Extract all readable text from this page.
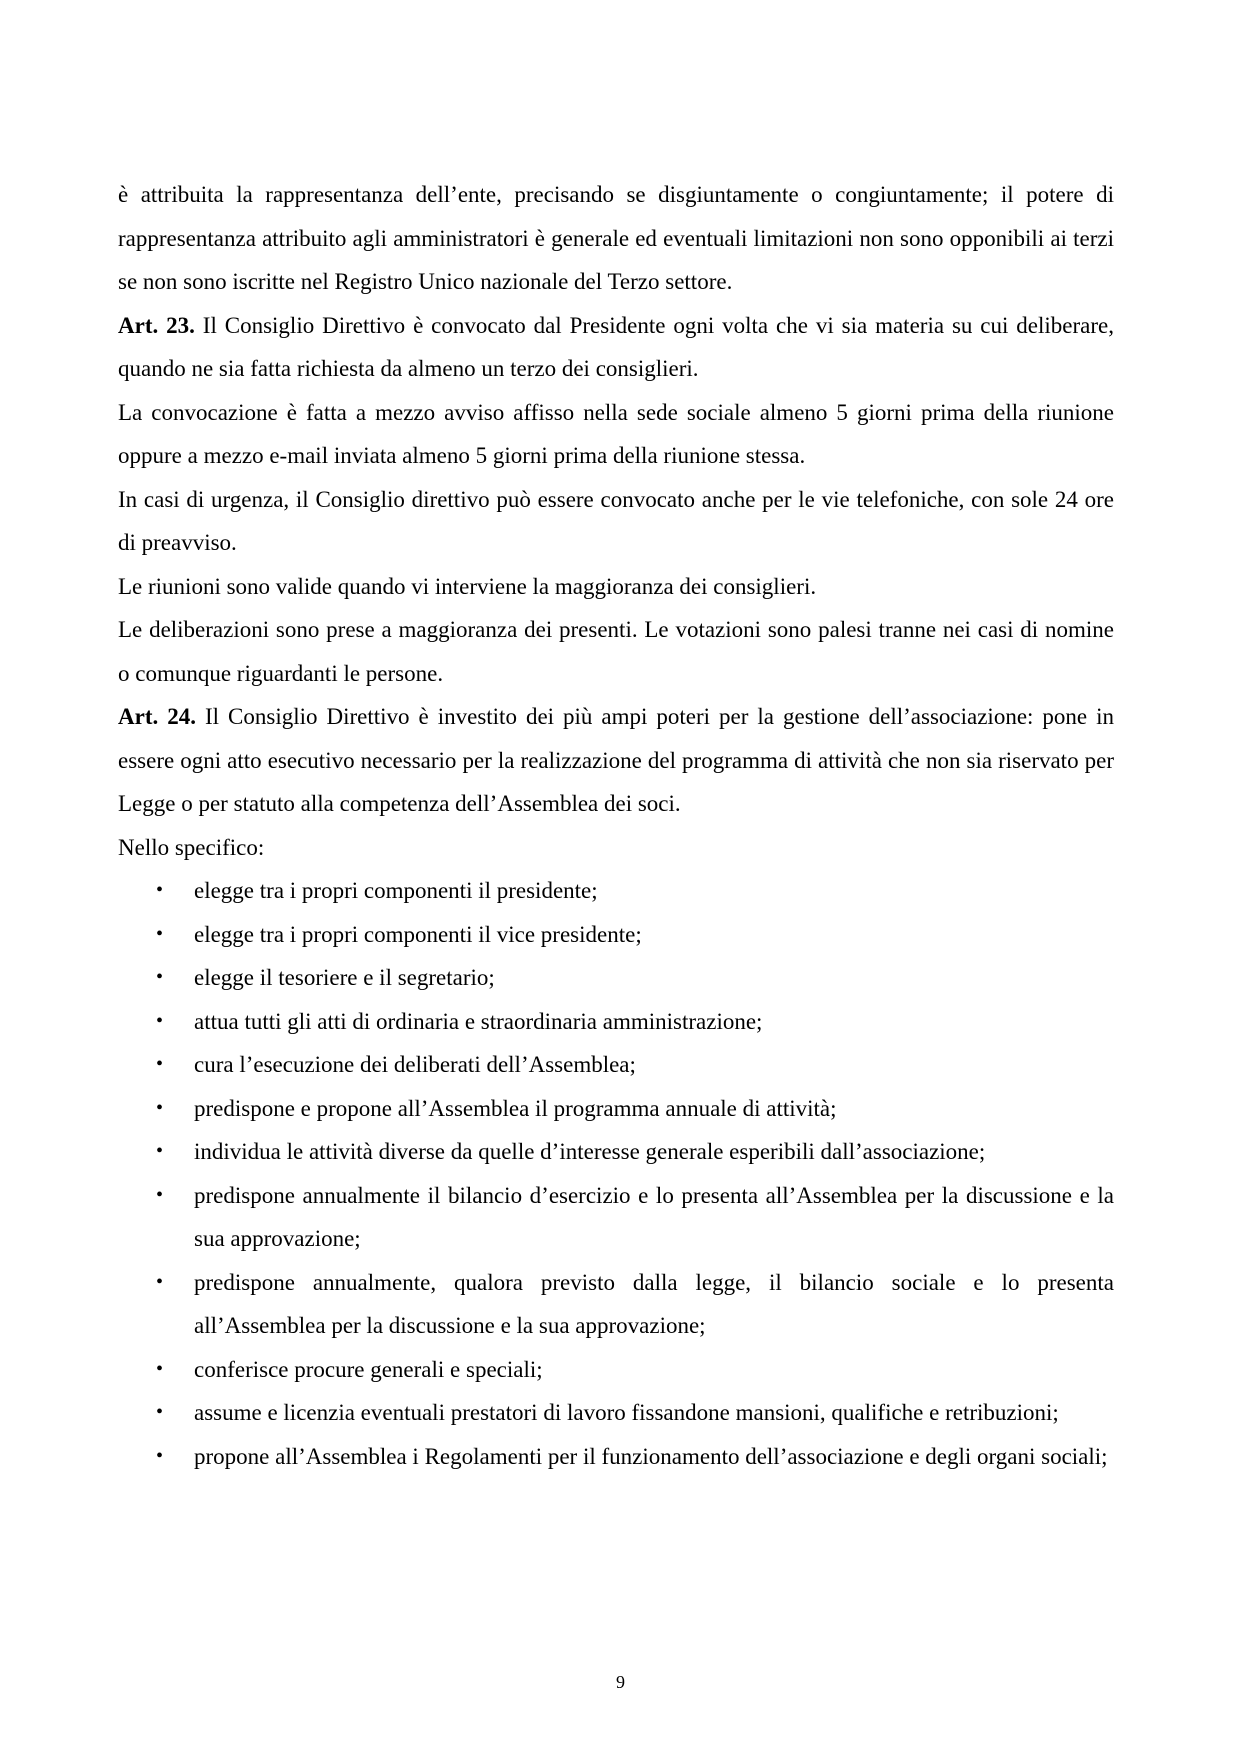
è attribuita la rappresentanza dell’ente, precisando se disgiuntamente o congiuntamente; il potere di rappresentanza attribuito agli amministratori è generale ed eventuali limitazioni non sono opponibili ai terzi se non sono iscritte nel Registro Unico nazionale del Terzo settore.

Art. 23. Il Consiglio Direttivo è convocato dal Presidente ogni volta che vi sia materia su cui deliberare, quando ne sia fatta richiesta da almeno un terzo dei consiglieri.

La convocazione è fatta a mezzo avviso affisso nella sede sociale almeno 5 giorni prima della riunione oppure a mezzo e-mail inviata almeno 5 giorni prima della riunione stessa.

In casi di urgenza, il Consiglio direttivo può essere convocato anche per le vie telefoniche, con sole 24 ore di preavviso.

Le riunioni sono valide quando vi interviene la maggioranza dei consiglieri.

Le deliberazioni sono prese a maggioranza dei presenti. Le votazioni sono palesi tranne nei casi di nomine o comunque riguardanti le persone.

Art. 24. Il Consiglio Direttivo è investito dei più ampi poteri per la gestione dell’associazione: pone in essere ogni atto esecutivo necessario per la realizzazione del programma di attività che non sia riservato per Legge o per statuto alla competenza dell’Assemblea dei soci.

Nello specifico:

• elegge tra i propri componenti il presidente;
• elegge tra i propri componenti il vice presidente;
• elegge il tesoriere e il segretario;
• attua tutti gli atti di ordinaria e straordinaria amministrazione;
• cura l’esecuzione dei deliberati dell’Assemblea;
• predispone e propone all’Assemblea il programma annuale di attività;
• individua le attività diverse da quelle d’interesse generale esperibili dall’associazione;
• predispone annualmente il bilancio d’esercizio e lo presenta all’Assemblea per la discussione e la sua approvazione;
• predispone annualmente, qualora previsto dalla legge, il bilancio sociale e lo presenta all’Assemblea per la discussione e la sua approvazione;
• conferisce procure generali e speciali;
• assume e licenzia eventuali prestatori di lavoro fissandone mansioni, qualifiche e retribuzioni;
• propone all’Assemblea i Regolamenti per il funzionamento dell’associazione e degli organi sociali;
9
